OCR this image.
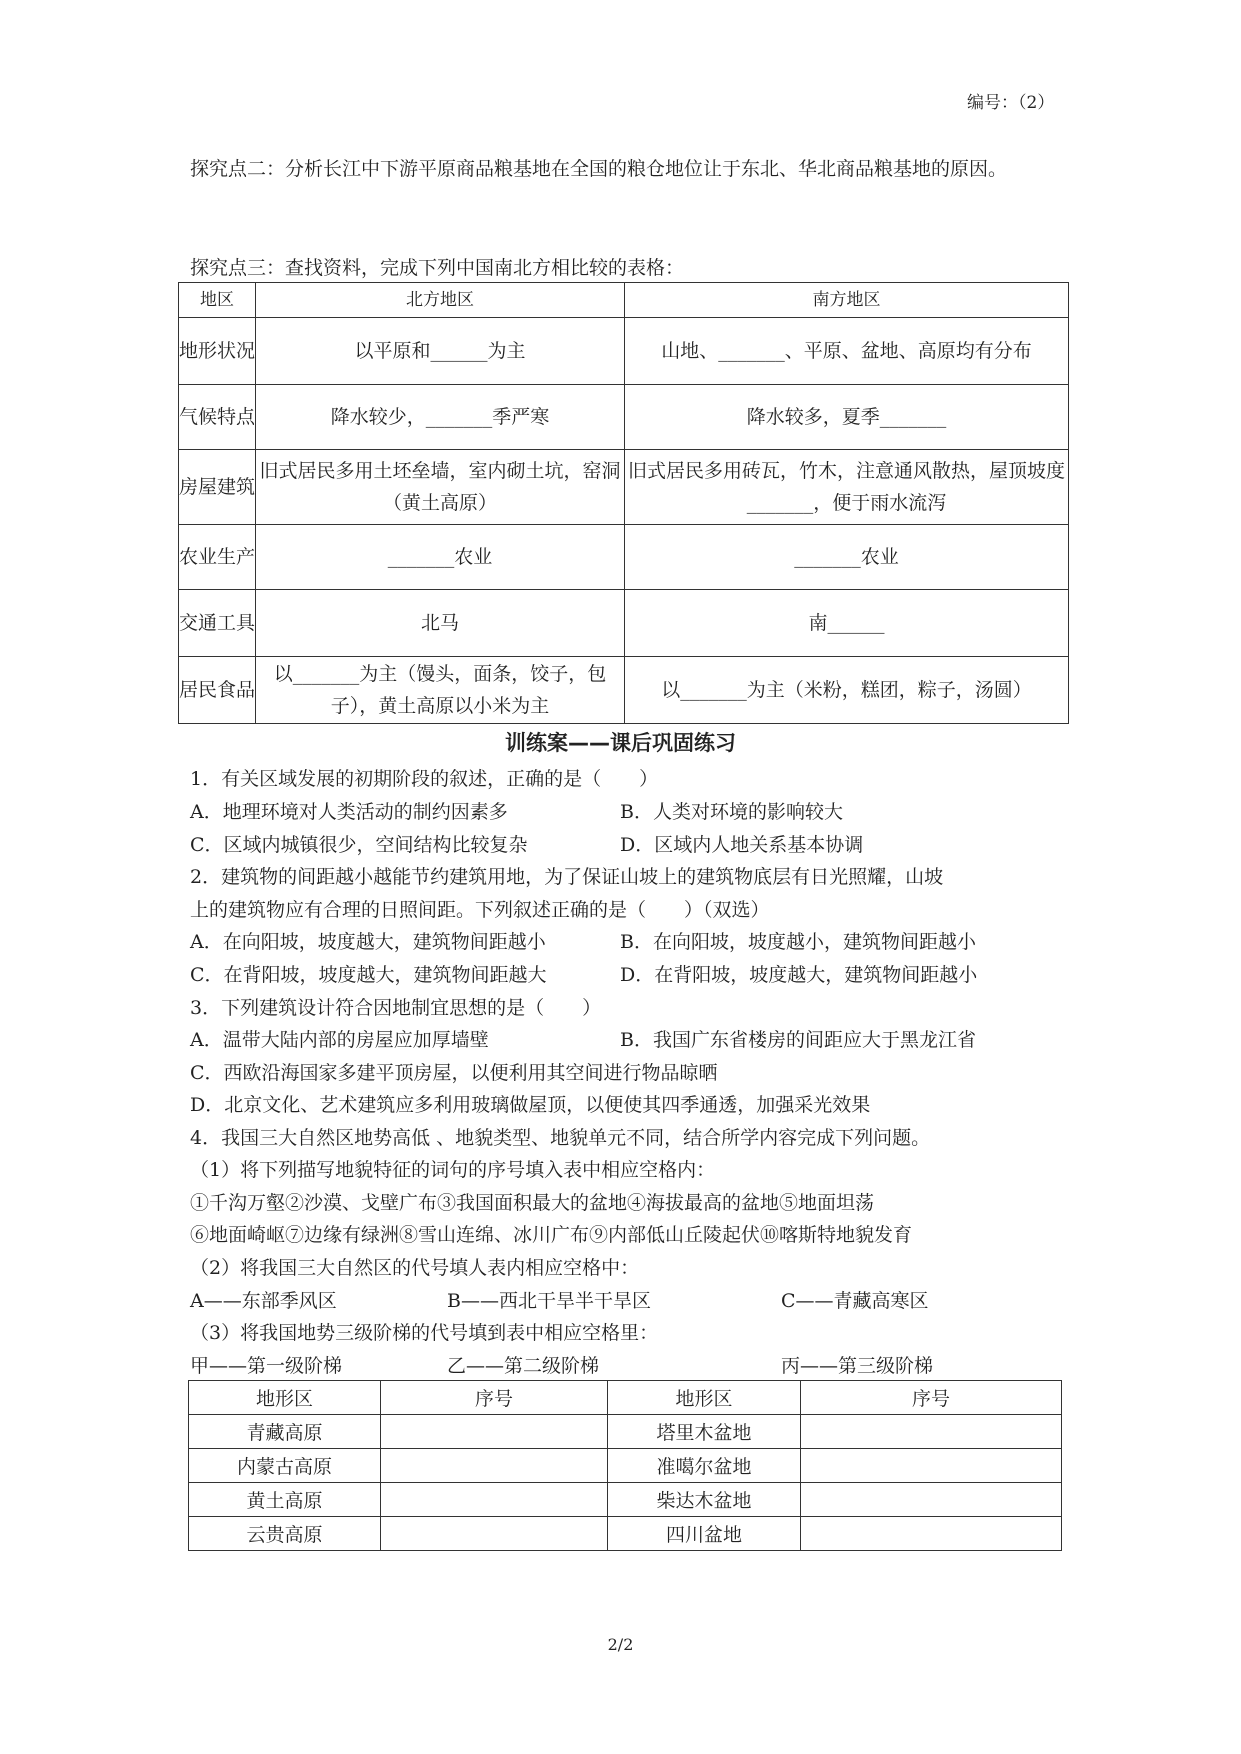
编号：（2）
探究点二：分析长江中下游平原商品粮基地在全国的粮仓地位让于东北、华北商品粮基地的原因。
探究点三：查找资料，完成下列中国南北方相比较的表格：
地区	北方地区	南方地区
地形状况	以平原和______为主	山地、_______、平原、盆地、高原均有分布
气候特点	降水较少，_______季严寒	降水较多，夏季_______
房屋建筑	旧式居民多用土坯垒墙，室内砌土坑，窑洞（黄土高原）	旧式居民多用砖瓦，竹木，注意通风散热，屋顶坡度_______，便于雨水流泻
农业生产	_______农业	_______农业
交通工具	北马	南______
居民食品	以_______为主（馒头，面条，饺子，包子），黄土高原以小米为主	以_______为主（米粉，糕团，粽子，汤圆）
训练案——课后巩固练习
1．有关区域发展的初期阶段的叙述，正确的是（　　）
A．地理环境对人类活动的制约因素多	B．人类对环境的影响较大
C．区域内城镇很少，空间结构比较复杂	D．区域内人地关系基本协调
2．建筑物的间距越小越能节约建筑用地，为了保证山坡上的建筑物底层有日光照耀，山坡
上的建筑物应有合理的日照间距。下列叙述正确的是（　　）（双选）
A．在向阳坡，坡度越大，建筑物间距越小	B．在向阳坡，坡度越小，建筑物间距越小
C．在背阳坡，坡度越大，建筑物间距越大	D．在背阳坡，坡度越大，建筑物间距越小
3．下列建筑设计符合因地制宜思想的是（　　）
A．温带大陆内部的房屋应加厚墙壁	B．我国广东省楼房的间距应大于黑龙江省
C．西欧沿海国家多建平顶房屋，以便利用其空间进行物品晾晒
D．北京文化、艺术建筑应多利用玻璃做屋顶，以便使其四季通透，加强采光效果
4．我国三大自然区地势高低 、地貌类型、地貌单元不同，结合所学内容完成下列问题。
（1）将下列描写地貌特征的词句的序号填入表中相应空格内：
①千沟万壑②沙漠、戈壁广布③我国面积最大的盆地④海拔最高的盆地⑤地面坦荡
⑥地面崎岖⑦边缘有绿洲⑧雪山连绵、冰川广布⑨内部低山丘陵起伏⑩喀斯特地貌发育
（2）将我国三大自然区的代号填人表内相应空格中：
A——东部季风区	B——西北干旱半干旱区	C——青藏高寒区
（3）将我国地势三级阶梯的代号填到表中相应空格里：
甲——第一级阶梯	乙——第二级阶梯	丙——第三级阶梯
地形区	序号	地形区	序号
青藏高原		塔里木盆地	
内蒙古高原		准噶尔盆地	
黄土高原		柴达木盆地	
云贵高原		四川盆地	
2/2
